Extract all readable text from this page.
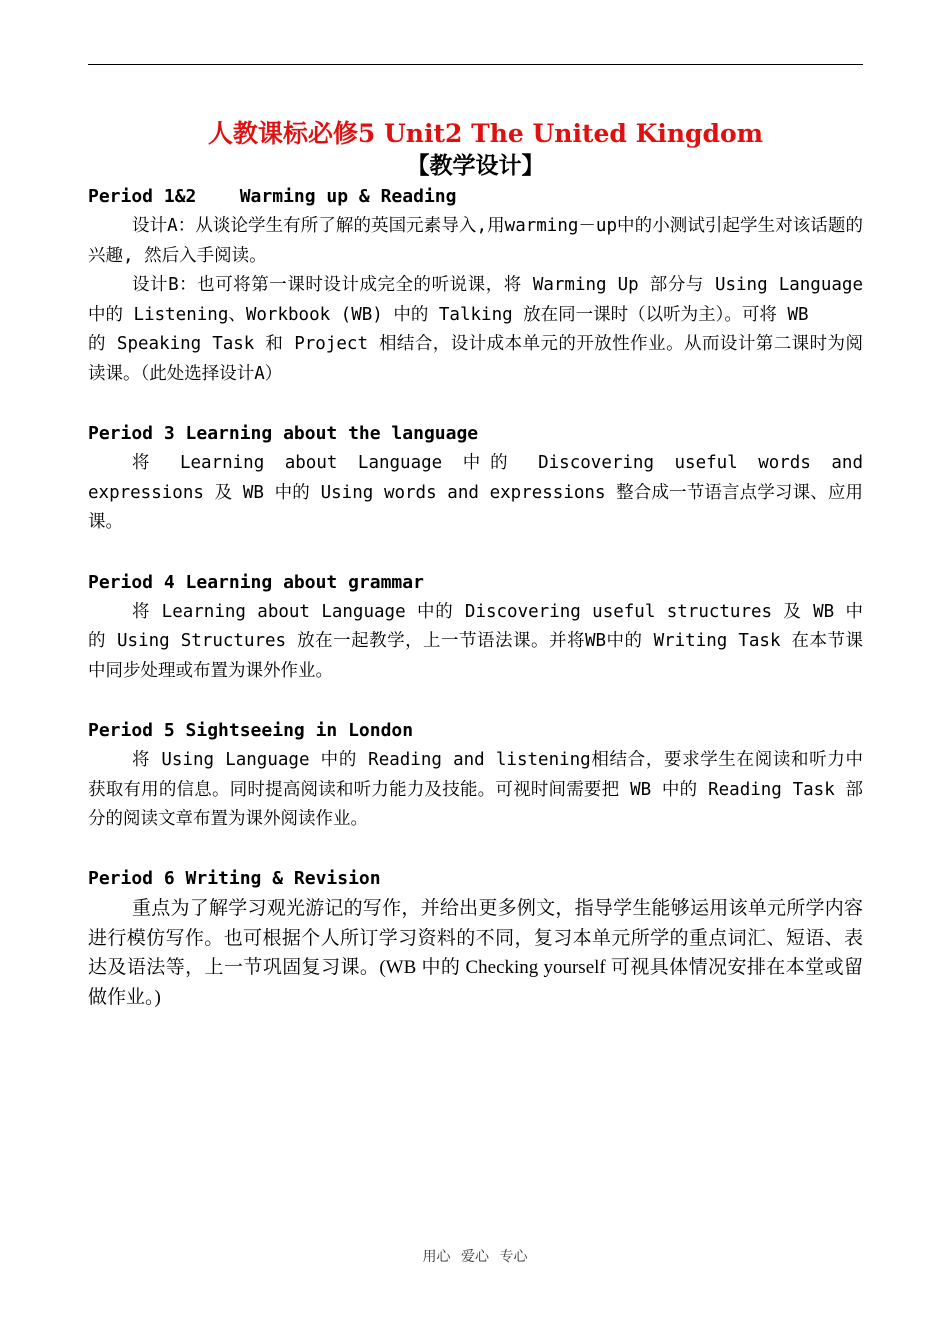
人教课标必修5 Unit2 The United Kingdom
【教学设计】
Period 1&2    Warming up & Reading

设计A：从谈论学生有所了解的英国元素导入,用warming－up中的小测试引起学生对该话题的兴趣, 然后入手阅读。

设计B：也可将第一课时设计成完全的听说课，将 Warming Up 部分与 Using Language 中的 Listening、Workbook (WB) 中的 Talking 放在同一课时（以听为主）。可将 WB

的 Speaking Task 和 Project 相结合，设计成本单元的开放性作业。从而设计第二课时为阅读课。（此处选择设计A）

Period 3 Learning about the language

将 Learning about Language 中的 Discovering useful words and expressions 及 WB 中的 Using words and expressions 整合成一节语言点学习课、应用课。

Period 4 Learning about grammar

将 Learning about Language 中的 Discovering useful structures 及 WB 中的 Using Structures 放在一起教学，上一节语法课。并将WB中的 Writing Task 在本节课中同步处理或布置为课外作业。

Period 5 Sightseeing in London

将 Using Language 中的 Reading and listening相结合，要求学生在阅读和听力中获取有用的信息。同时提高阅读和听力能力及技能。可视时间需要把 WB 中的 Reading Task 部分的阅读文章布置为课外阅读作业。

Period 6 Writing & Revision

重点为了解学习观光游记的写作，并给出更多例文，指导学生能够运用该单元所学内容进行模仿写作。也可根据个人所订学习资料的不同，复习本单元所学的重点词汇、短语、表达及语法等，上一节巩固复习课。(WB 中的 Checking yourself 可视具体情况安排在本堂或留做作业。)

用心 爱心 专心
